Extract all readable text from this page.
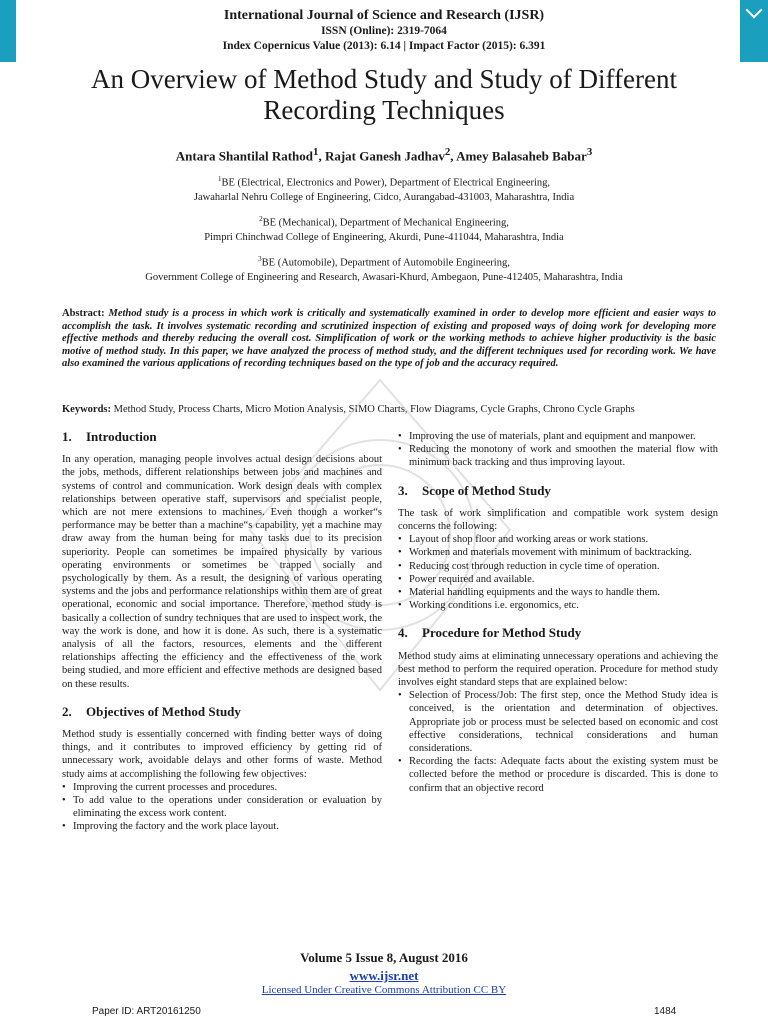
International Journal of Science and Research (IJSR)
ISSN (Online): 2319-7064
Index Copernicus Value (2013): 6.14 | Impact Factor (2015): 6.391
An Overview of Method Study and Study of Different Recording Techniques
Antara Shantilal Rathod$^1$, Rajat Ganesh Jadhav$^2$, Amey Balasaheb Babar$^3$
$^1$BE (Electrical, Electronics and Power), Department of Electrical Engineering,
Jawaharlal Nehru College of Engineering, Cidco, Aurangabad-431003, Maharashtra, India
$^2$BE (Mechanical), Department of Mechanical Engineering,
Pimpri Chinchwad College of Engineering, Akurdi, Pune-411044, Maharashtra, India
$^3$BE (Automobile), Department of Automobile Engineering,
Government College of Engineering and Research, Awasari-Khurd, Ambegaon, Pune-412405, Maharashtra, India
Abstract: Method study is a process in which work is critically and systematically examined in order to develop more efficient and easier ways to accomplish the task. It involves systematic recording and scrutinized inspection of existing and proposed ways of doing work for developing more effective methods and thereby reducing the overall cost. Simplification of work or the working methods to achieve higher productivity is the basic motive of method study. In this paper, we have analyzed the process of method study, and the different techniques used for recording work. We have also examined the various applications of recording techniques based on the type of job and the accuracy required.
Keywords: Method Study, Process Charts, Micro Motion Analysis, SIMO Charts, Flow Diagrams, Cycle Graphs, Chrono Cycle Graphs
1. Introduction

In any operation, managing people involves actual design decisions about the jobs, methods, different relationships between jobs and machines and systems of control and communication. Work design deals with complex relationships between operative staff, supervisors and specialist people, which are not mere extensions to machines. Even though a worker“s performance may be better than a machine“s capability, yet a machine may draw away from the human being for many tasks due to its precision superiority. People can sometimes be impaired physically by various operating environments or sometimes be trapped socially and psychologically by them. As a result, the designing of various operating systems and the jobs and performance relationships within them are of great operational, economic and social importance. Therefore, method study is basically a collection of sundry techniques that are used to inspect work, the way the work is done, and how it is done. As such, there is a systematic analysis of all the factors, resources, elements and the different relationships affecting the efficiency and the effectiveness of the work being studied, and more efficient and effective methods are designed based on these results.

2. Objectives of Method Study

Method study is essentially concerned with finding better ways of doing things, and it contributes to improved efficiency by getting rid of unnecessary work, avoidable delays and other forms of waste. Method study aims at accomplishing the following few objectives:

• Improving the current processes and procedures.
• To add value to the operations under consideration or evaluation by eliminating the excess work content.
• Improving the factory and the work place layout.
• Improving the use of materials, plant and equipment and manpower.
• Reducing the monotony of work and smoothen the material flow with minimum back tracking and thus improving layout.
3. Scope of Method Study

The task of work simplification and compatible work system design concerns the following:

• Layout of shop floor and working areas or work stations.
• Workmen and materials movement with minimum of backtracking.
• Reducing cost through reduction in cycle time of operation.
• Power required and available.
• Material handling equipments and the ways to handle them.
• Working conditions i.e. ergonomics, etc.
4. Procedure for Method Study

Method study aims at eliminating unnecessary operations and achieving the best method to perform the required operation. Procedure for method study involves eight standard steps that are explained below:

• Selection of Process/Job: The first step, once the Method Study idea is conceived, is the orientation and determination of objectives. Appropriate job or process must be selected based on economic and cost effective considerations, technical considerations and human considerations.
• Recording the facts: Adequate facts about the existing system must be collected before the method or procedure is discarded. This is done to confirm that an objective record
Volume 5 Issue 8, August 2016
www.ijsr.net
Licensed Under Creative Commons Attribution CC BY
Paper ID: ART20161250	1484
